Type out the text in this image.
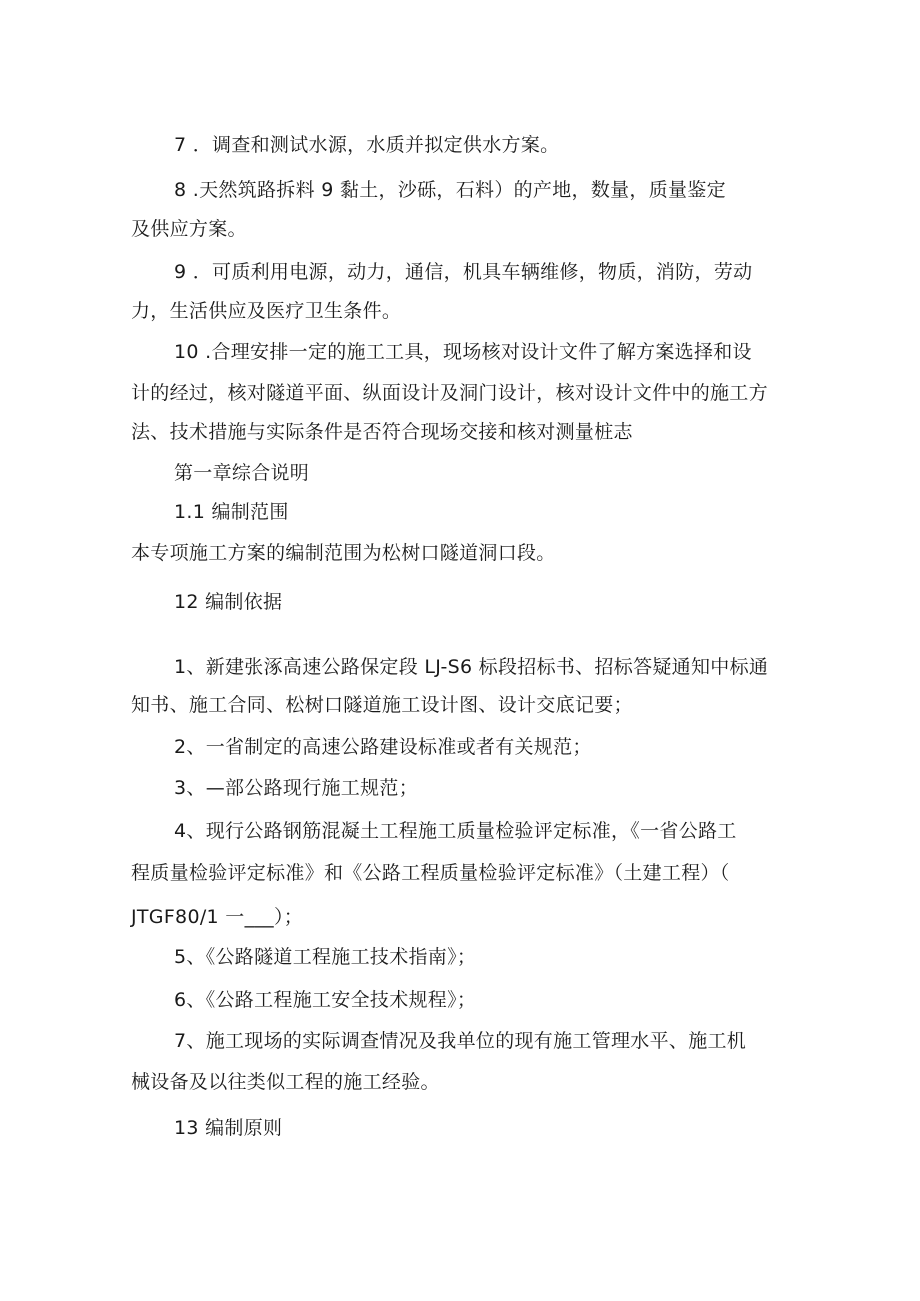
7 ．调查和测试水源，水质并拟定供水方案。
8 .天然筑路拆料 9 黏土，沙砾，石料）的产地，数量，质量鉴定
及供应方案。
9 ．可质利用电源，动力，通信，机具车辆维修，物质，消防，劳动
力，生活供应及医疗卫生条件。
10 .合理安排一定的施工工具，现场核对设计文件了解方案选择和设
计的经过，核对隧道平面、纵面设计及洞门设计，核对设计文件中的施工方
法、技术措施与实际条件是否符合现场交接和核对测量桩志
第一章综合说明
1.1 编制范围
本专项施工方案的编制范围为松树口隧道洞口段。
12 编制依据
1、新建张涿高速公路保定段 LJ-S6 标段招标书、招标答疑通知中标通
知书、施工合同、松树口隧道施工设计图、设计交底记要；
2、一省制定的高速公路建设标准或者有关规范；
3、—部公路现行施工规范；
4、现行公路钢筋混凝土工程施工质量检验评定标准，《一省公路工
程质量检验评定标准》和《公路工程质量检验评定标准》（土建工程）（
JTGF80/1 一___）；
5、《公路隧道工程施工技术指南》；
6、《公路工程施工安全技术规程》；
7、施工现场的实际调查情况及我单位的现有施工管理水平、施工机
械设备及以往类似工程的施工经验。
13 编制原则
